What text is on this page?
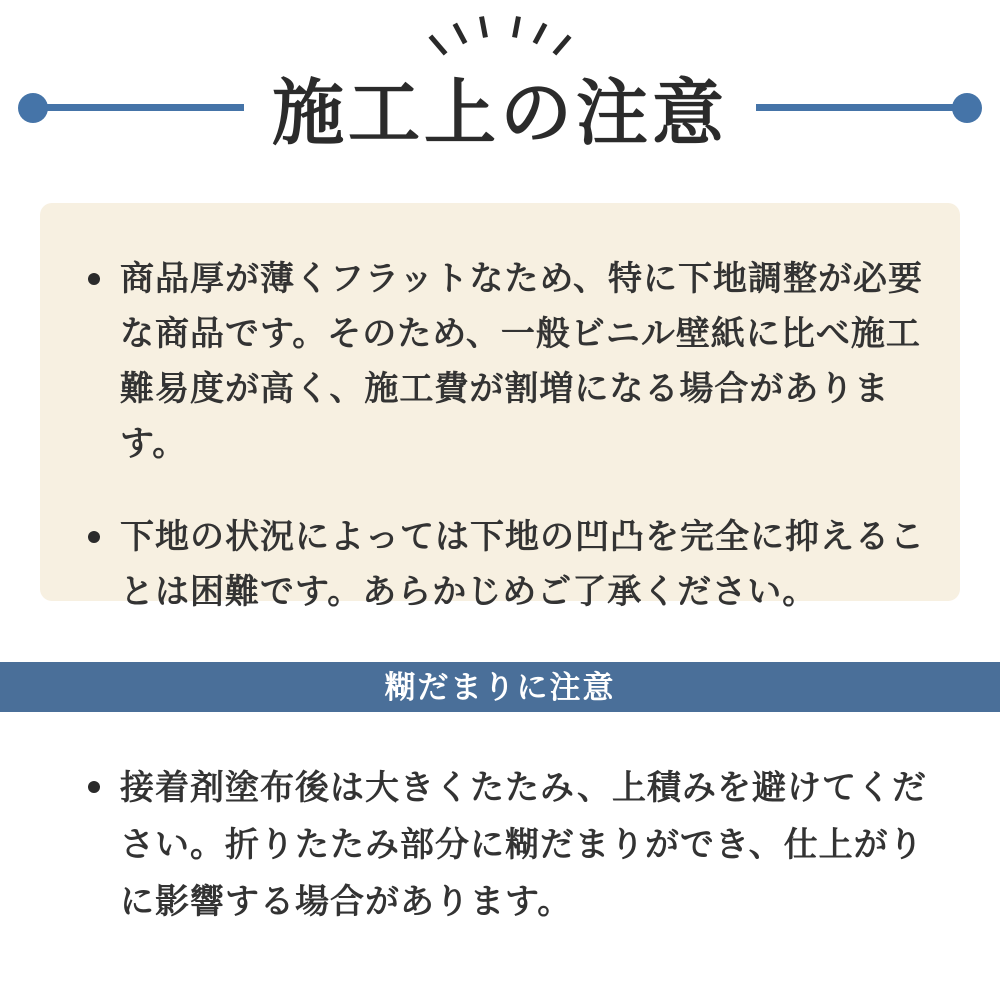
施工上の注意
商品厚が薄くフラットなため、特に下地調整が必要な商品です。そのため、一般ビニル壁紙に比べ施工難易度が高く、施工費が割増になる場合があります。
下地の状況によっては下地の凹凸を完全に抑えることは困難です。あらかじめご了承ください。
糊だまりに注意
接着剤塗布後は大きくたたみ、上積みを避けてください。折りたたみ部分に糊だまりができ、仕上がりに影響する場合があります。
